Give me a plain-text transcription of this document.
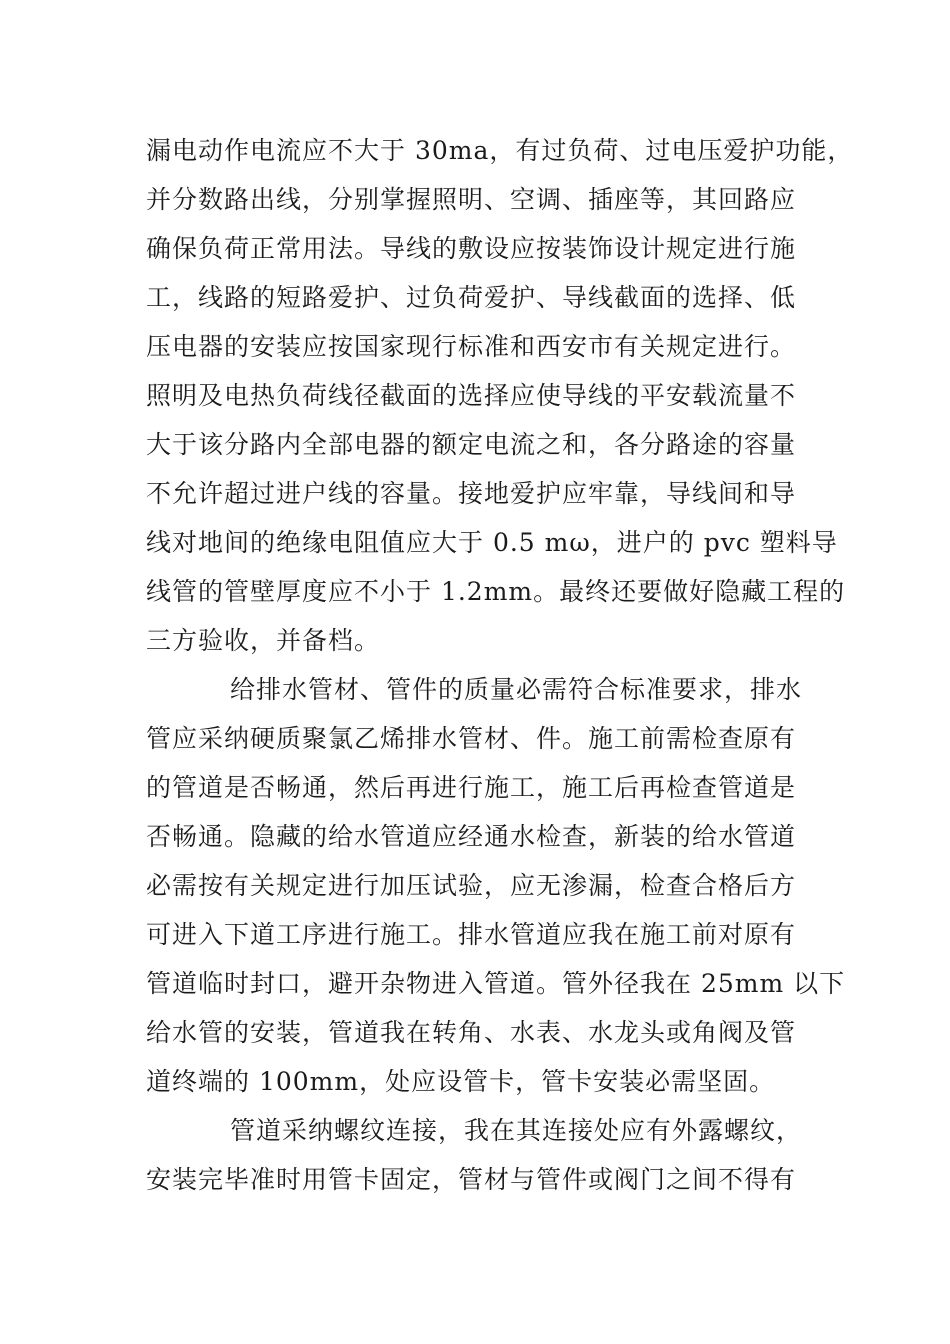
漏电动作电流应不大于 30ma，有过负荷、过电压爱护功能，
并分数路出线，分别掌握照明、空调、插座等，其回路应
确保负荷正常用法。导线的敷设应按装饰设计规定进行施
工，线路的短路爱护、过负荷爱护、导线截面的选择、低
压电器的安装应按国家现行标准和西安市有关规定进行。
照明及电热负荷线径截面的选择应使导线的平安载流量不
大于该分路内全部电器的额定电流之和，各分路途的容量
不允许超过进户线的容量。接地爱护应牢靠，导线间和导
线对地间的绝缘电阻值应大于 0.5 mω，进户的 pvc 塑料导
线管的管壁厚度应不小于 1.2mm。最终还要做好隐藏工程的
三方验收，并备档。
给排水管材、管件的质量必需符合标准要求，排水
管应采纳硬质聚氯乙烯排水管材、件。施工前需检查原有
的管道是否畅通，然后再进行施工，施工后再检查管道是
否畅通。隐藏的给水管道应经通水检查，新装的给水管道
必需按有关规定进行加压试验，应无渗漏，检查合格后方
可进入下道工序进行施工。排水管道应我在施工前对原有
管道临时封口，避开杂物进入管道。管外径我在 25mm 以下
给水管的安装，管道我在转角、水表、水龙头或角阀及管
道终端的 100mm，处应设管卡，管卡安装必需坚固。
管道采纳螺纹连接，我在其连接处应有外露螺纹，
安装完毕准时用管卡固定，管材与管件或阀门之间不得有
